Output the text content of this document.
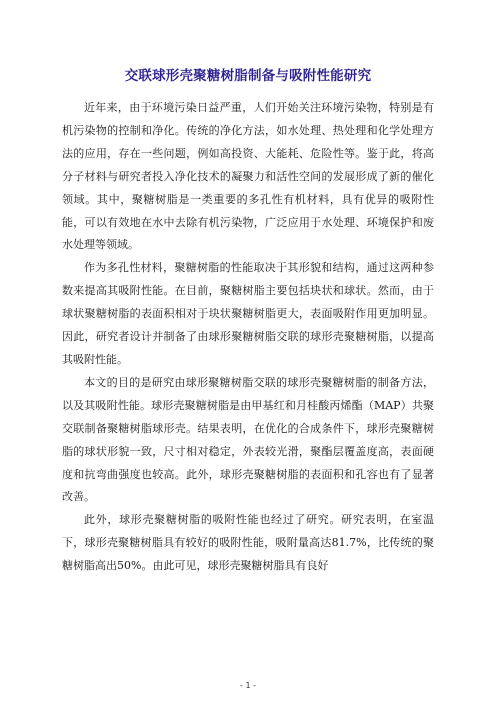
交联球形壳聚糖树脂制备与吸附性能研究

近年来，由于环境污染日益严重，人们开始关注环境污染物，特别是有机污染物的控制和净化。传统的净化方法，如水处理、热处理和化学处理方法的应用，存在一些问题，例如高投资、大能耗、危险性等。鉴于此，将高分子材料与研究者投入净化技术的凝聚力和活性空间的发展形成了新的催化领域。其中，聚糖树脂是一类重要的多孔性有机材料，具有优异的吸附性能，可以有效地在水中去除有机污染物，广泛应用于水处理、环境保护和废水处理等领域。

作为多孔性材料，聚糖树脂的性能取决于其形貌和结构，通过这两种参数来提高其吸附性能。在目前，聚糖树脂主要包括块状和球状。然而，由于球状聚糖树脂的表面积相对于块状聚糖树脂更大，表面吸附作用更加明显。因此，研究者设计并制备了由球形聚糖树脂交联的球形壳聚糖树脂，以提高其吸附性能。

本文的目的是研究由球形聚糖树脂交联的球形壳聚糖树脂的制备方法，以及其吸附性能。球形壳聚糖树脂是由甲基红和月桂酸丙烯酯（MAP）共聚交联制备聚糖树脂球形壳。结果表明，在优化的合成条件下，球形壳聚糖树脂的球状形貌一致，尺寸相对稳定，外表较光滑，聚酯层覆盖度高，表面硬度和抗弯曲强度也较高。此外，球形壳聚糖树脂的表面积和孔容也有了显著改善。

此外，球形壳聚糖树脂的吸附性能也经过了研究。研究表明，在室温下，球形壳聚糖树脂具有较好的吸附性能，吸附量高达81.7%，比传统的聚糖树脂高出50%。由此可见，球形壳聚糖树脂具有良好

- 1 -
